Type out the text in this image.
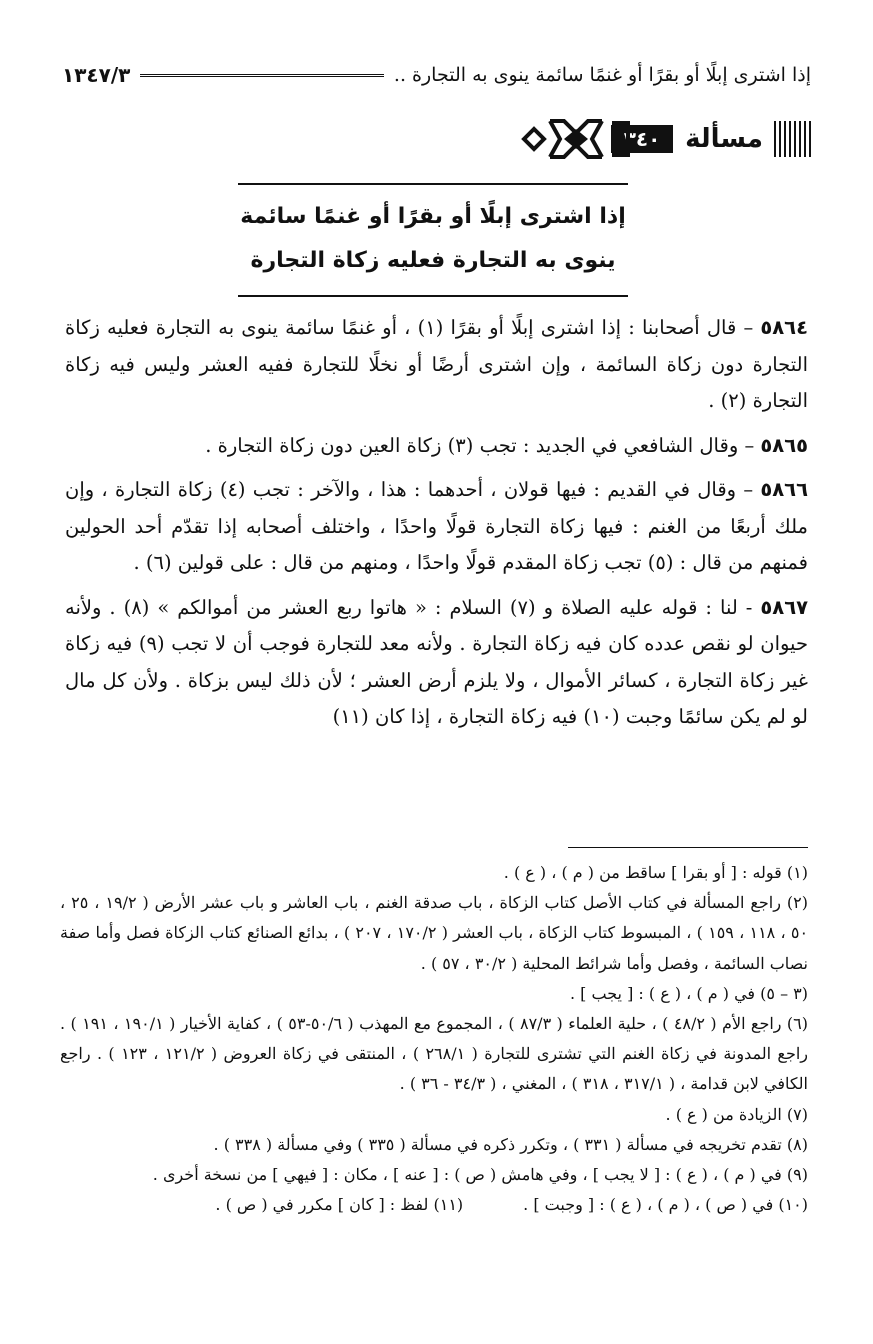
إذا اشترى إبلًا أو بقرًا أو غنمًا سائمة ينوى به التجارة ..
١٣٤٧/٣
مسألة
٣٤٠
إذا اشترى إبلًا أو بقرًا أو غنمًا سائمة
ينوى به التجارة فعليه زكاة التجارة

٥٨٦٤ – قال أصحابنا : إذا اشترى إبلًا أو بقرًا (١) ، أو غنمًا سائمة ينوى به التجارة فعليه زكاة التجارة دون زكاة السائمة ، وإن اشترى أرضًا أو نخلًا للتجارة ففيه العشر وليس فيه زكاة التجارة (٢) .

٥٨٦٥ – وقال الشافعي في الجديد : تجب (٣) زكاة العين دون زكاة التجارة .

٥٨٦٦ – وقال في القديم : فيها قولان ، أحدهما : هذا ، والآخر : تجب (٤) زكاة التجارة ، وإن ملك أربعًا من الغنم : فيها زكاة التجارة قولًا واحدًا ، واختلف أصحابه إذا تقدّم أحد الحولين فمنهم من قال : (٥) تجب زكاة المقدم قولًا واحدًا ، ومنهم من قال : على قولين (٦) .

٥٨٦٧ - لنا : قوله عليه الصلاة و (٧) السلام : « هاتوا ربع العشر من أموالكم » (٨) . ولأنه حيوان لو نقص عدده كان فيه زكاة التجارة . ولأنه معد للتجارة فوجب أن لا تجب (٩) فيه زكاة غير زكاة التجارة ، كسائر الأموال ، ولا يلزم أرض العشر ؛ لأن ذلك ليس بزكاة . ولأن كل مال لو لم يكن سائمًا وجبت (١٠) فيه زكاة التجارة ، إذا كان (١١)

(١) قوله : [ أو بقرا ] ساقط من ( م ) ، ( ع ) .

(٢) راجع المسألة في كتاب الأصل كتاب الزكاة ، باب صدقة الغنم ، باب العاشر و باب عشر الأرض ( ١٩/٢ ، ٢٥ ، ٥٠ ، ١١٨ ، ١٥٩ ) ، المبسوط كتاب الزكاة ، باب العشر ( ١٧٠/٢ ، ٢٠٧ ) ، بدائع الصنائع كتاب الزكاة فصل وأما صفة نصاب السائمة ، وفصل وأما شرائط المحلية ( ٣٠/٢ ، ٥٧ ) .

(٣ – ٥) في ( م ) ، ( ع ) : [ يجب ] .

(٦) راجع الأم ( ٤٨/٢ ) ، حلية العلماء ( ٨٧/٣ ) ، المجموع مع المهذب ( ٥٠/٦-٥٣ ) ، كفاية الأخيار ( ١٩٠/١ ، ١٩١ ) . راجع المدونة في زكاة الغنم التي تشترى للتجارة ( ٢٦٨/١ ) ، المنتقى في زكاة العروض ( ١٢١/٢ ، ١٢٣ ) . راجع الكافي لابن قدامة ، ( ٣١٧/١ ، ٣١٨ ) ، المغني ، ( ٣٤/٣ - ٣٦ ) .

(٧) الزيادة من ( ع ) .

(٨) تقدم تخريجه في مسألة ( ٣٣١ ) ، وتكرر ذكره في مسألة ( ٣٣٥ ) وفي مسألة ( ٣٣٨ ) .

(٩) في ( م ) ، ( ع ) : [ لا يجب ] ، وفي هامش ( ص ) : [ عنه ] ، مكان : [ فيهي ] من نسخة أخرى .

(١٠) في ( ص ) ، ( م ) ، ( ع ) : [ وجبت ] .
(١١) لفظ : [ كان ] مكرر في ( ص ) .
